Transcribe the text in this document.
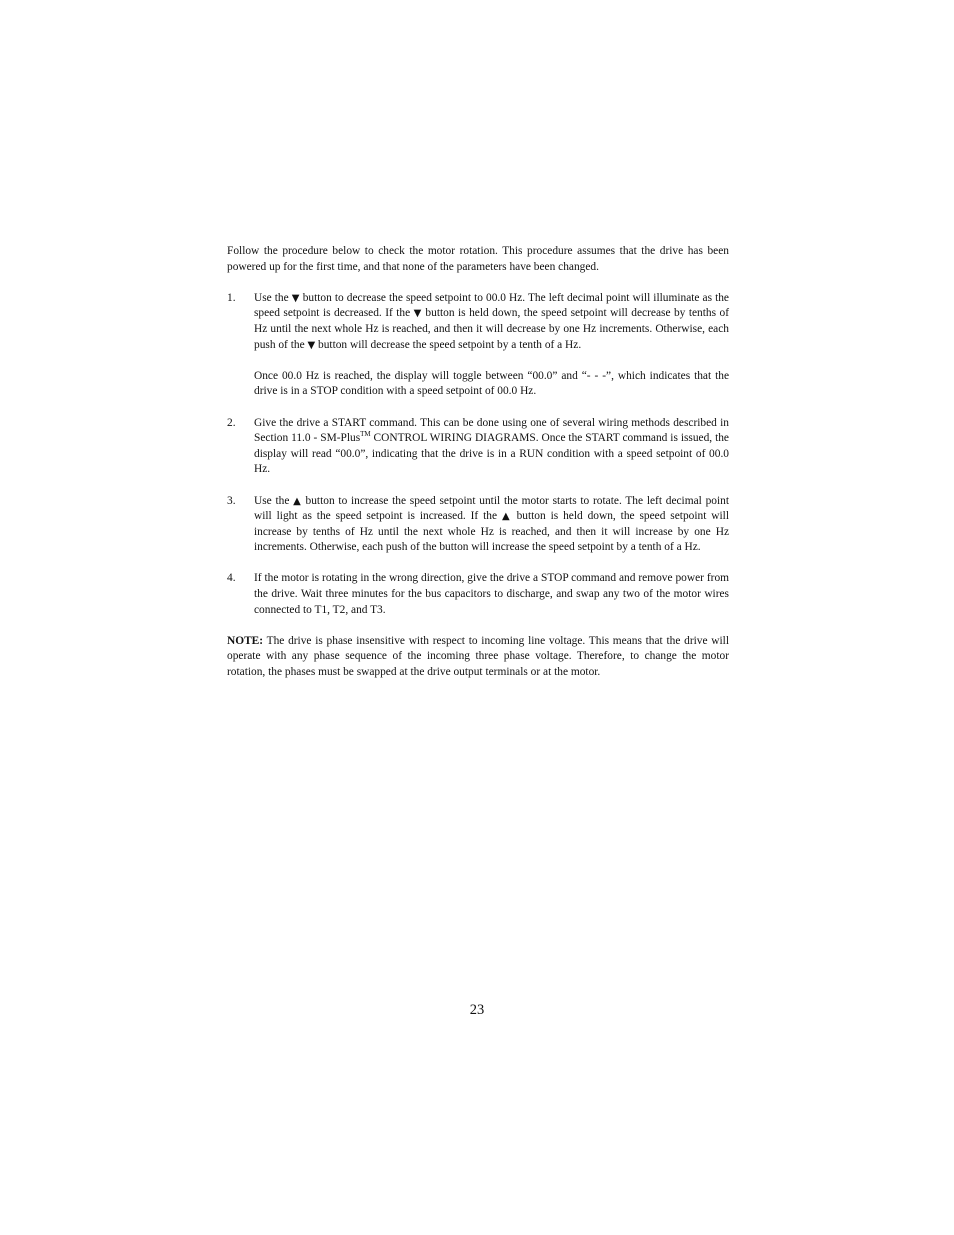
Follow the procedure below to check the motor rotation. This procedure assumes that the drive has been powered up for the first time, and that none of the parameters have been changed.

1. Use the ▼ button to decrease the speed setpoint to 00.0 Hz. The left decimal point will illuminate as the speed setpoint is decreased. If the ▼ button is held down, the speed setpoint will decrease by tenths of Hz until the next whole Hz is reached, and then it will decrease by one Hz increments. Otherwise, each push of the ▼ button will decrease the speed setpoint by a tenth of a Hz.
Once 00.0 Hz is reached, the display will toggle between “00.0” and “- - -”, which indicates that the drive is in a STOP condition with a speed setpoint of 00.0 Hz.
2. Give the drive a START command. This can be done using one of several wiring methods described in Section 11.0 - SM-Plus™ CONTROL WIRING DIAGRAMS. Once the START command is issued, the display will read “00.0”, indicating that the drive is in a RUN condition with a speed setpoint of 00.0 Hz.
3. Use the ▲ button to increase the speed setpoint until the motor starts to rotate. The left decimal point will light as the speed setpoint is increased. If the ▲ button is held down, the speed setpoint will increase by tenths of Hz until the next whole Hz is reached, and then it will increase by one Hz increments. Otherwise, each push of the button will increase the speed setpoint by a tenth of a Hz.
4. If the motor is rotating in the wrong direction, give the drive a STOP command and remove power from the drive. Wait three minutes for the bus capacitors to discharge, and swap any two of the motor wires connected to T1, T2, and T3.

NOTE: The drive is phase insensitive with respect to incoming line voltage. This means that the drive will operate with any phase sequence of the incoming three phase voltage. Therefore, to change the motor rotation, the phases must be swapped at the drive output terminals or at the motor.

23
